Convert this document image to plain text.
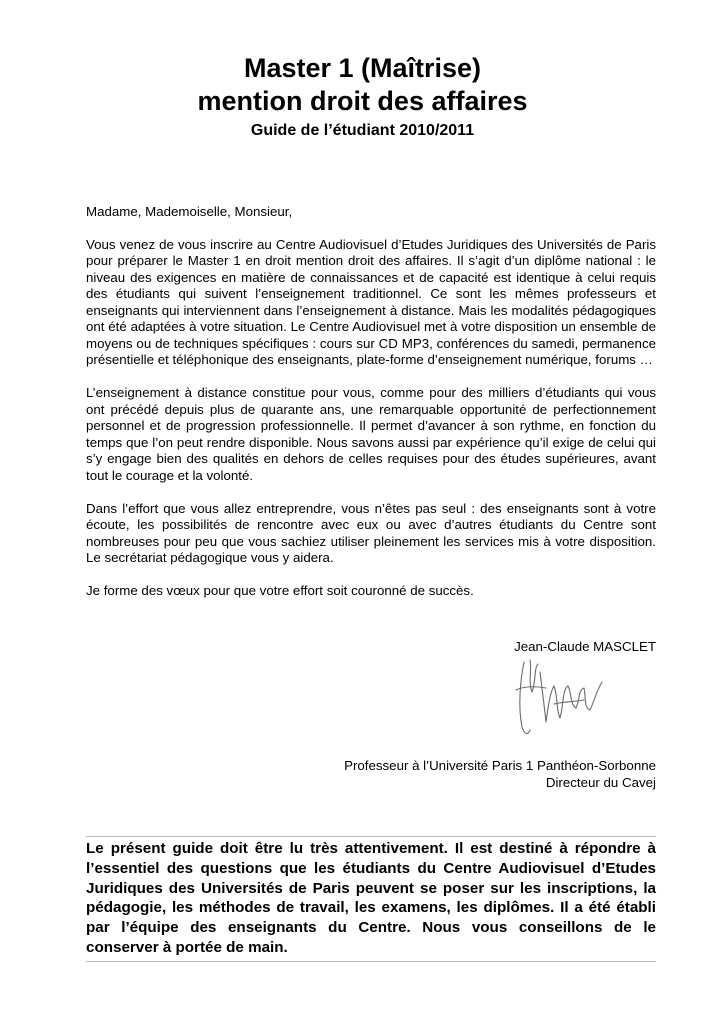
Master 1 (Maîtrise)
mention droit des affaires
Guide de l’étudiant 2010/2011

Madame, Mademoiselle, Monsieur,

Vous venez de vous inscrire au Centre Audiovisuel d’Etudes Juridiques des Universités de Paris pour préparer le Master 1 en droit mention droit des affaires. Il s’agit d’un diplôme national : le niveau des exigences en matière de connaissances et de capacité est identique à celui requis des étudiants qui suivent l’enseignement traditionnel. Ce sont les mêmes professeurs et enseignants qui interviennent dans l’enseignement à distance. Mais les modalités pédagogiques ont été adaptées à votre situation. Le Centre Audiovisuel met à votre disposition un ensemble de moyens ou de techniques spécifiques : cours sur CD MP3, conférences du samedi, permanence présentielle et téléphonique des enseignants, plate-forme d’enseignement numérique, forums …

L’enseignement à distance constitue pour vous, comme pour des milliers d’étudiants qui vous ont précédé depuis plus de quarante ans, une remarquable opportunité de perfectionnement personnel et de progression professionnelle. Il permet d’avancer à son rythme, en fonction du temps que l’on peut rendre disponible. Nous savons aussi par expérience qu’il exige de celui qui s’y engage bien des qualités en dehors de celles requises pour des études supérieures, avant tout le courage et la volonté.

Dans l’effort que vous allez entreprendre, vous n’êtes pas seul : des enseignants sont à votre écoute, les possibilités de rencontre avec eux ou avec d’autres étudiants du Centre sont nombreuses pour peu que vous sachiez utiliser pleinement les services mis à votre disposition. Le secrétariat pédagogique vous y aidera.

Je forme des vœux pour que votre effort soit couronné de succès.

Jean-Claude MASCLET
Professeur à l’Université Paris 1 Panthéon-Sorbonne
Directeur du Cavej
Le présent guide doit être lu très attentivement. Il est destiné à répondre à l’essentiel des questions que les étudiants du Centre Audiovisuel d’Etudes Juridiques des Universités de Paris peuvent se poser sur les inscriptions, la pédagogie, les méthodes de travail, les examens, les diplômes. Il a été établi par l’équipe des enseignants du Centre. Nous vous conseillons de le conserver à portée de main.
